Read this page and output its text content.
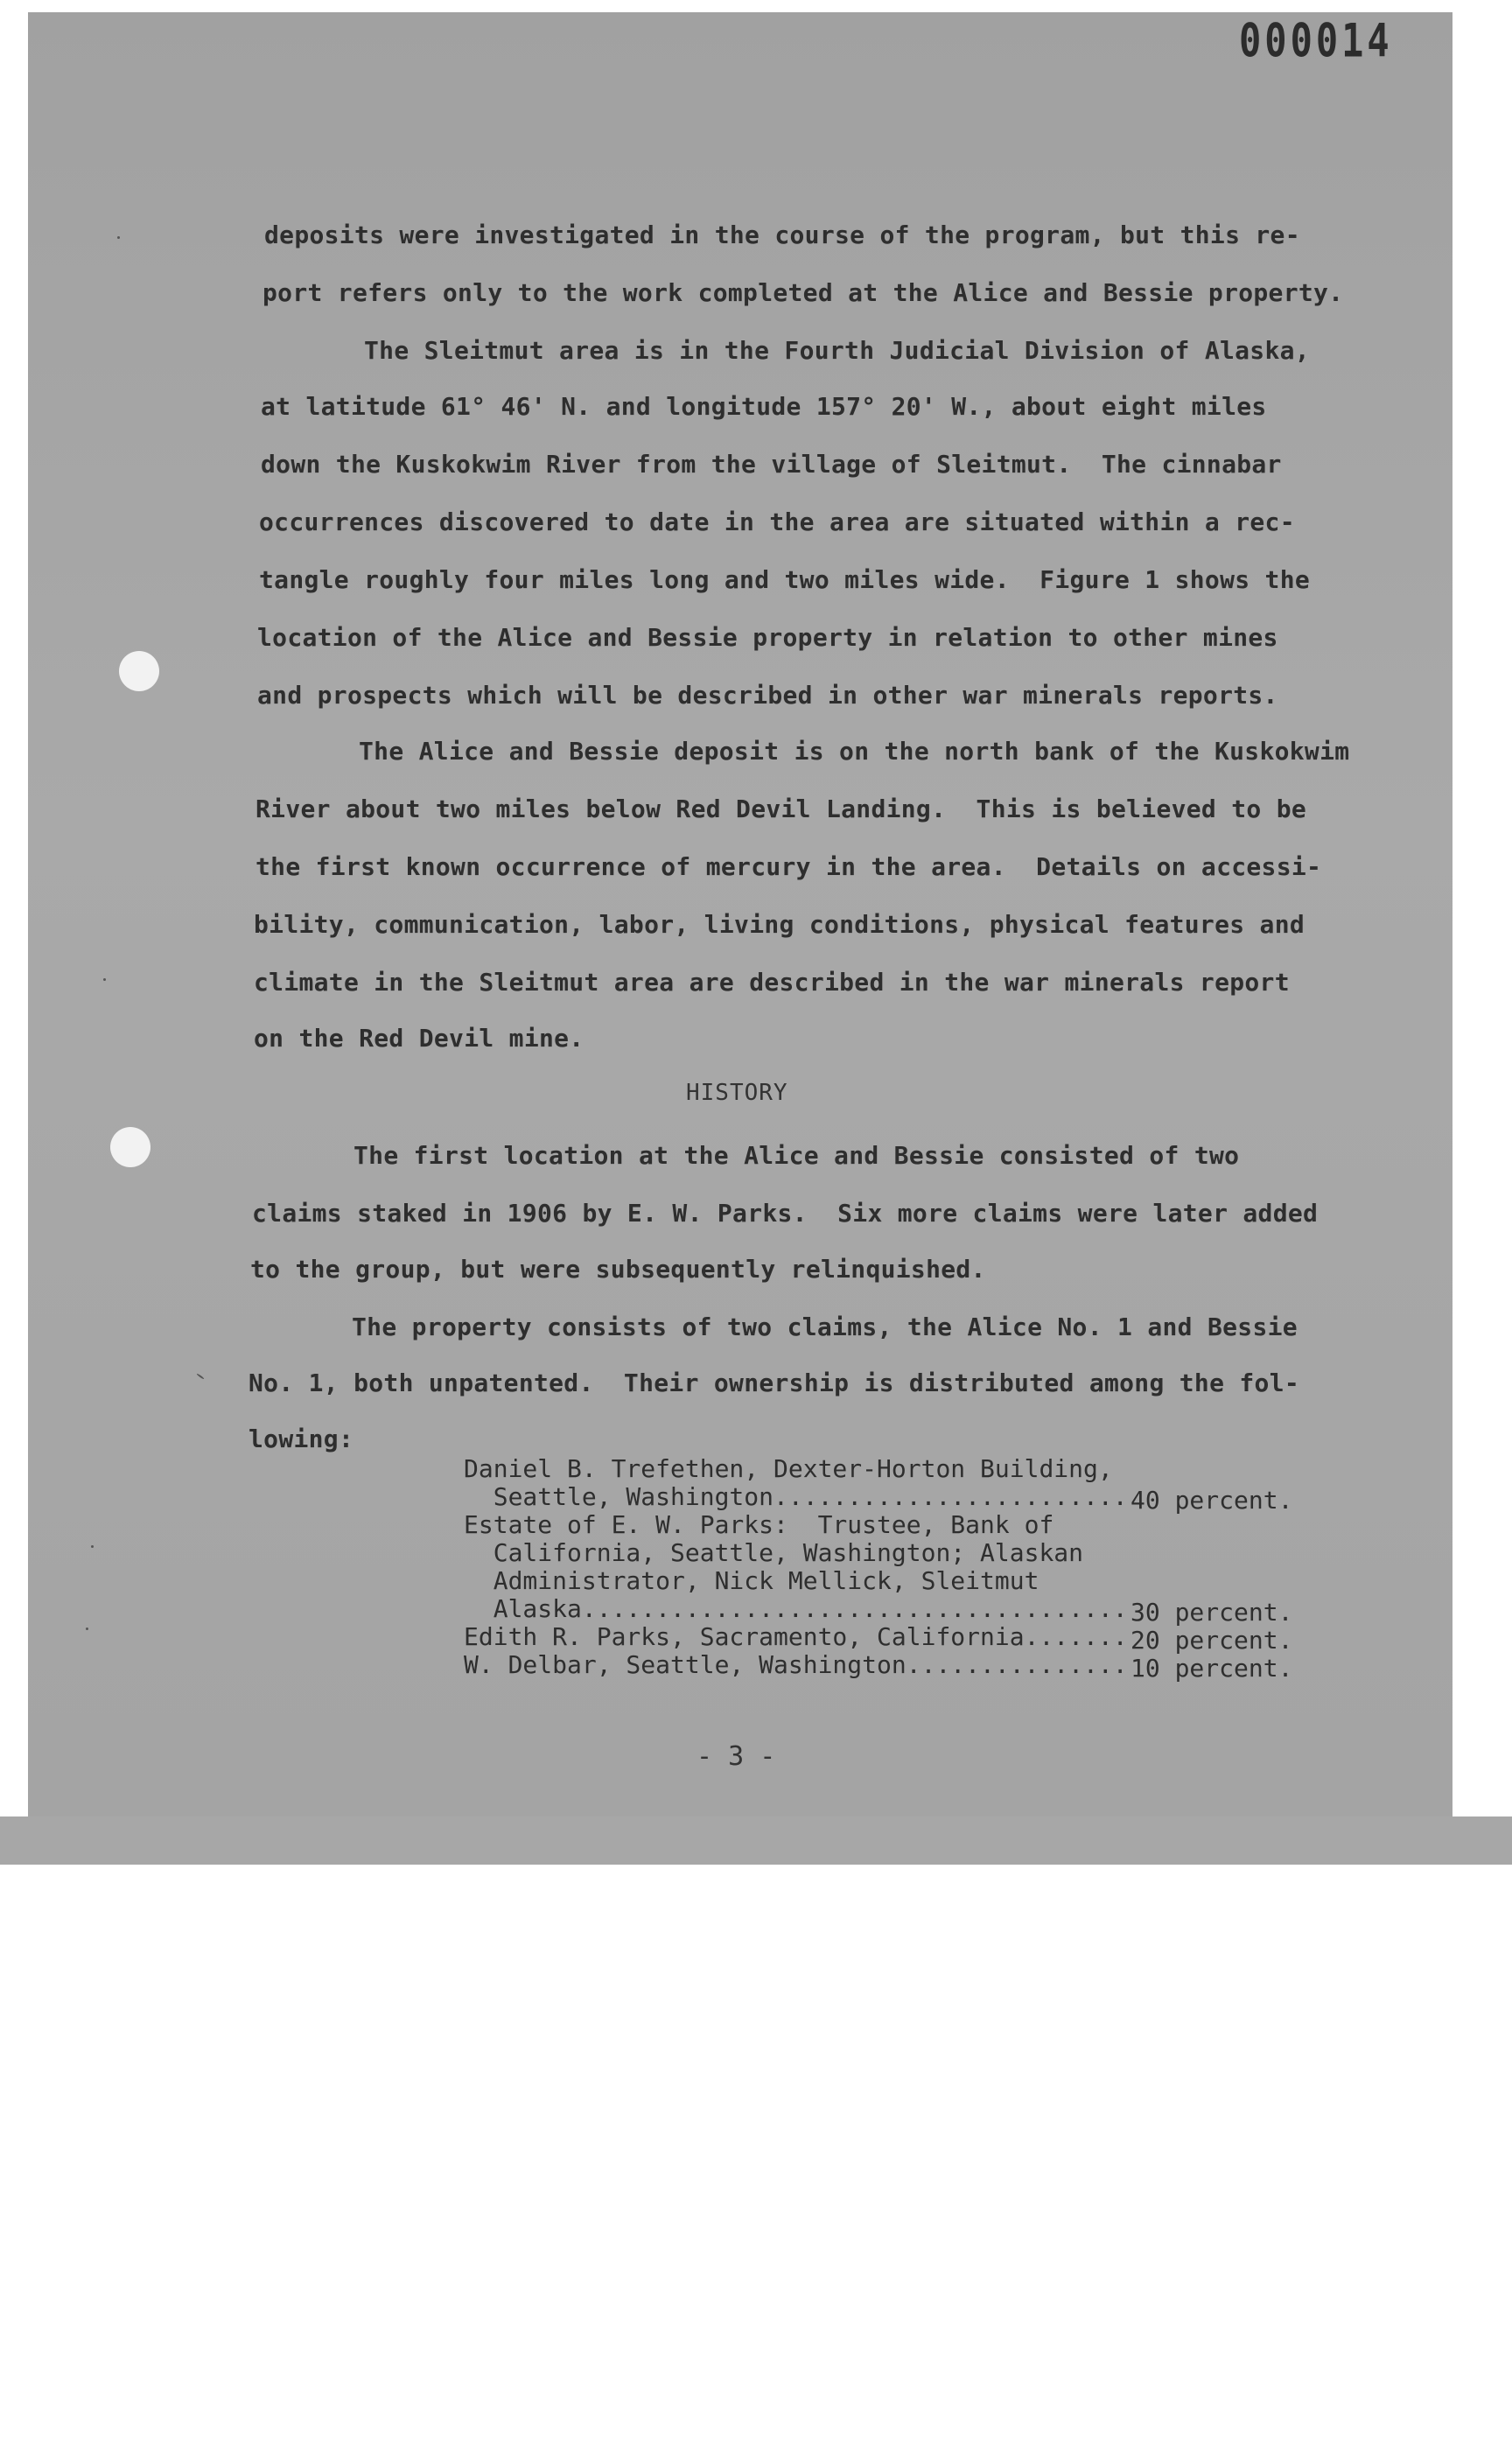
000014
deposits were investigated in the course of the program, but this re-
port refers only to the work completed at the Alice and Bessie property.
The Sleitmut area is in the Fourth Judicial Division of Alaska,
at latitude 61° 46' N. and longitude 157° 20' W., about eight miles
down the Kuskokwim River from the village of Sleitmut.  The cinnabar
occurrences discovered to date in the area are situated within a rec-
tangle roughly four miles long and two miles wide.  Figure 1 shows the
location of the Alice and Bessie property in relation to other mines
and prospects which will be described in other war minerals reports.
The Alice and Bessie deposit is on the north bank of the Kuskokwim
River about two miles below Red Devil Landing.  This is believed to be
the first known occurrence of mercury in the area.  Details on accessi-
bility, communication, labor, living conditions, physical features and
climate in the Sleitmut area are described in the war minerals report
on the Red Devil mine.
HISTORY
The first location at the Alice and Bessie consisted of two
claims staked in 1906 by E. W. Parks.  Six more claims were later added
to the group, but were subsequently relinquished.
The property consists of two claims, the Alice No. 1 and Bessie
No. 1, both unpatented.  Their ownership is distributed among the fol-
lowing:
Daniel B. Trefethen, Dexter-Horton Building,
Seattle, Washington........................ 40 percent.
Estate of E. W. Parks:  Trustee, Bank of
California, Seattle, Washington; Alaskan
Administrator, Nick Mellick, Sleitmut
Alaska..................................... 30 percent.
Edith R. Parks, Sacramento, California....... 20 percent.
W. Delbar, Seattle, Washington............... 10 percent.
- 3 -
